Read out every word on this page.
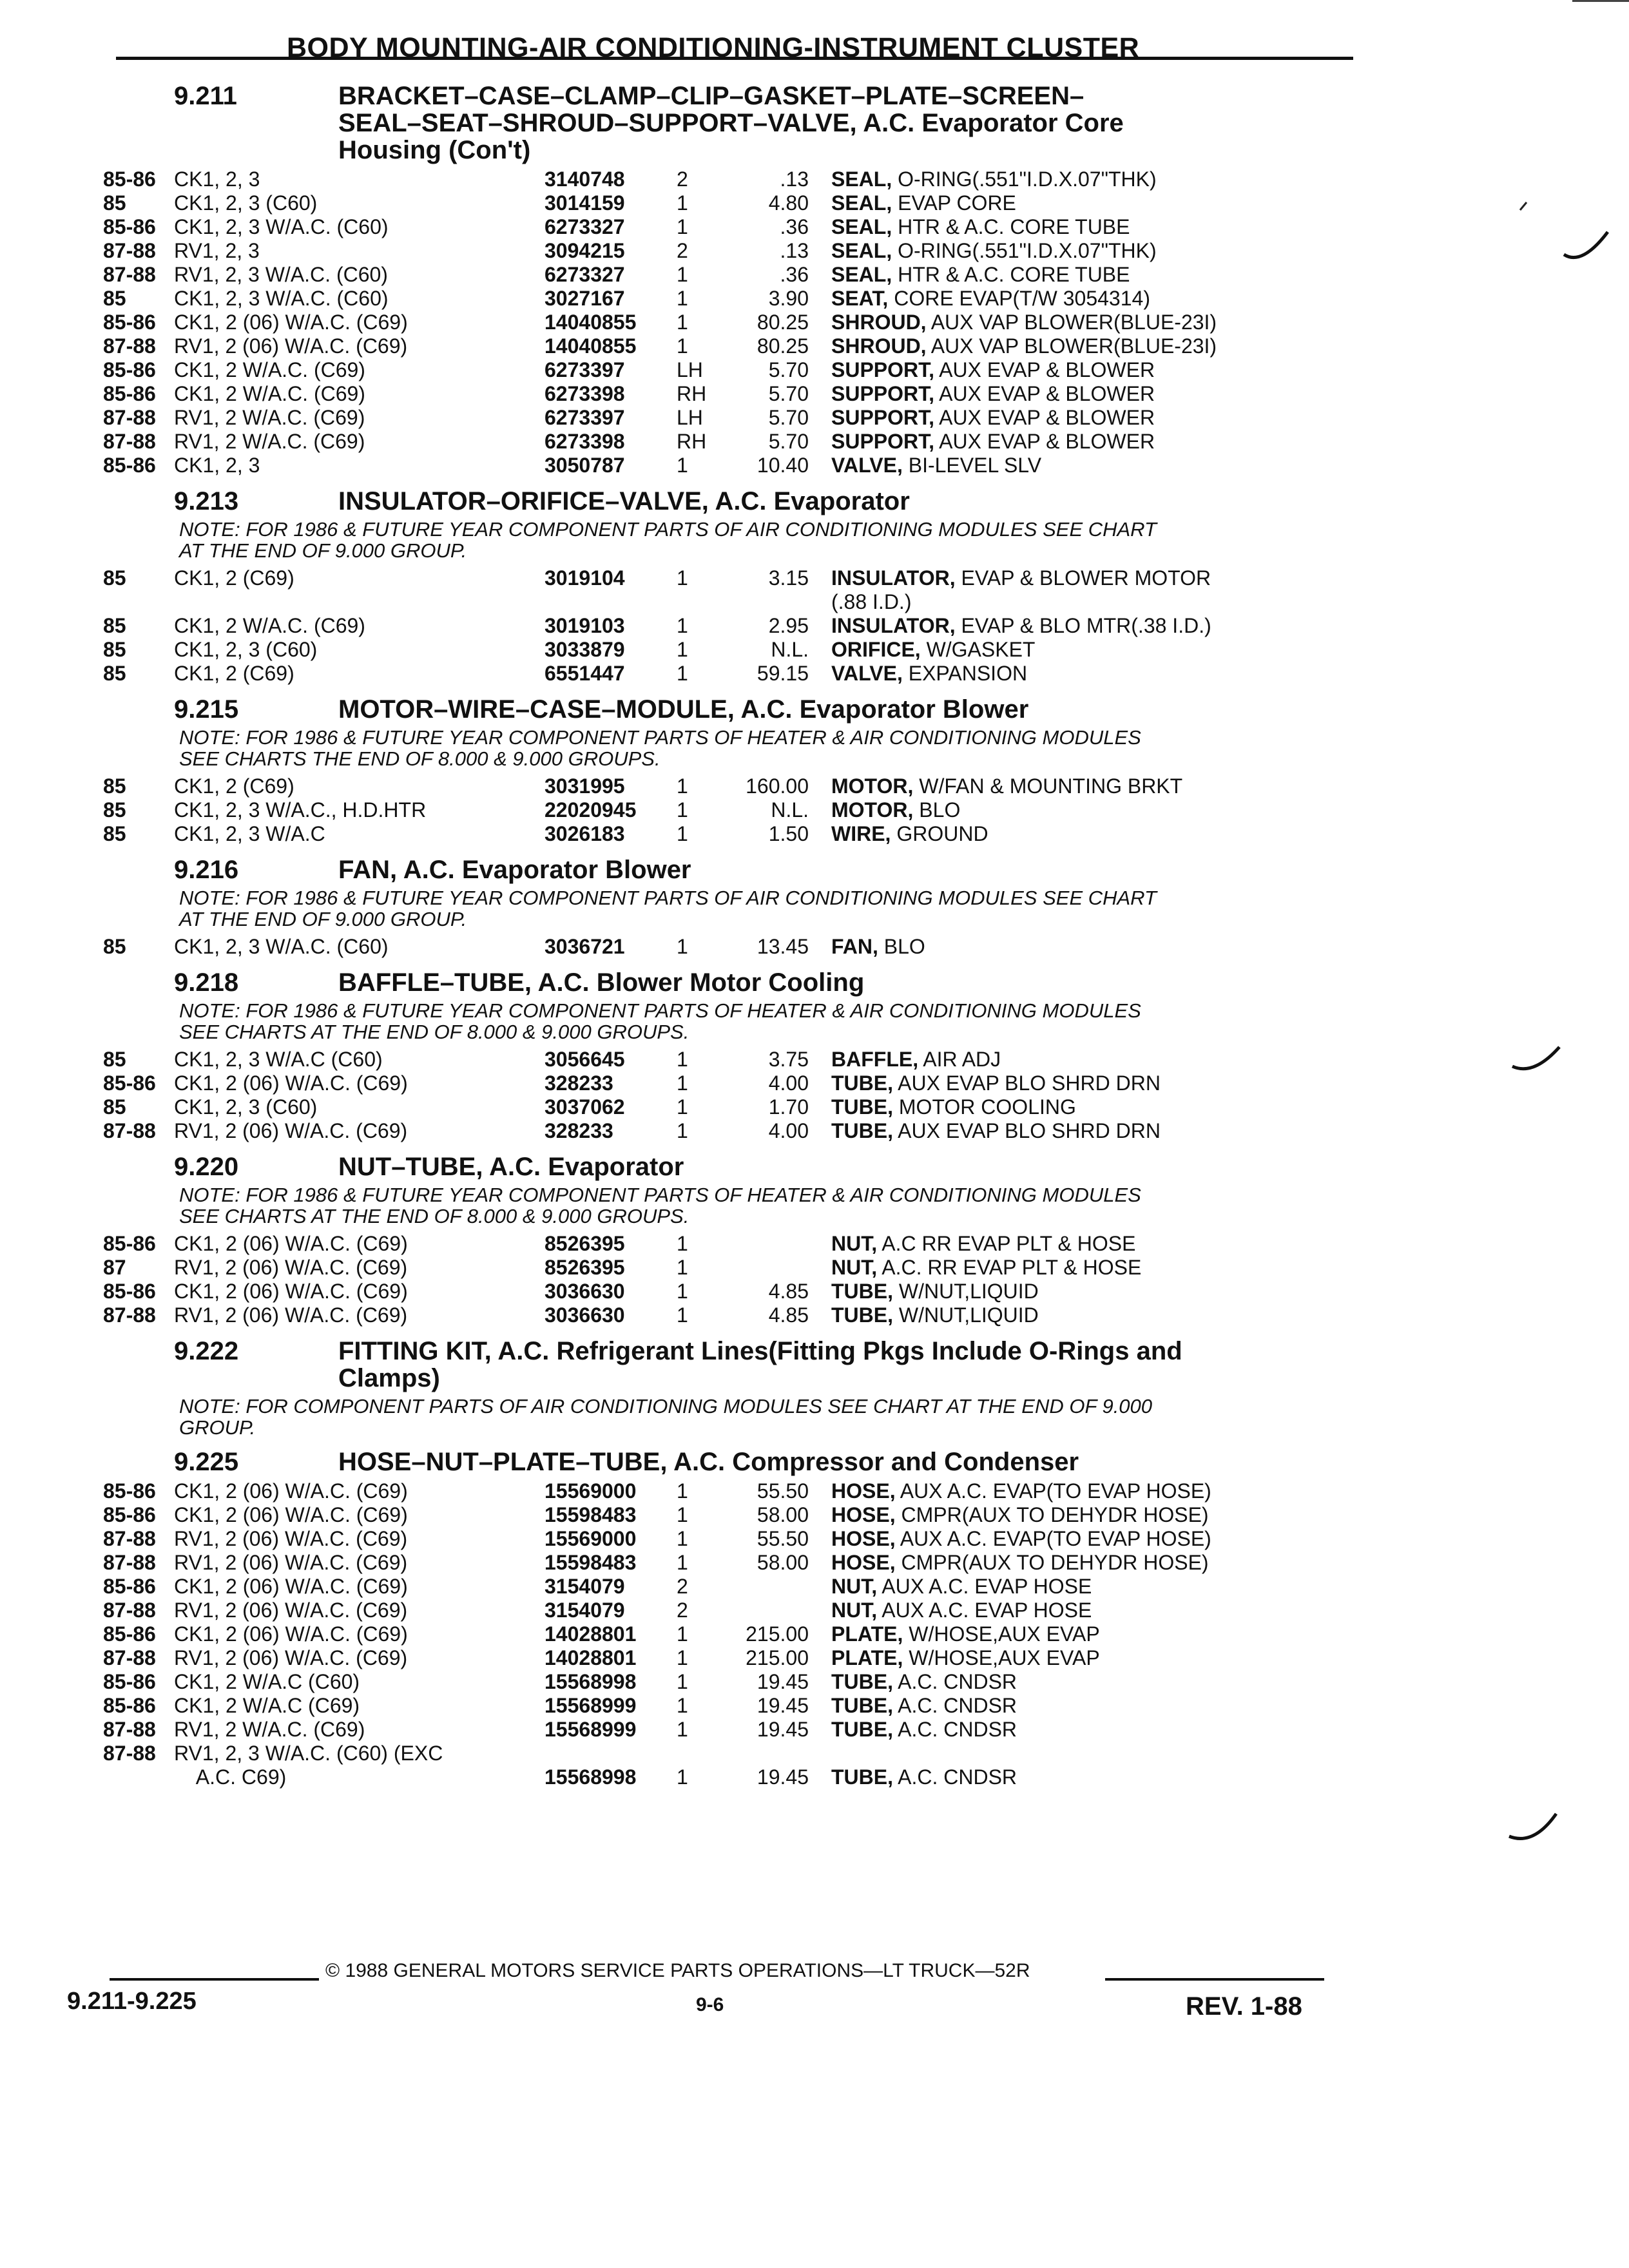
BODY MOUNTING-AIR CONDITIONING-INSTRUMENT CLUSTER
9.211	BRACKET–CASE–CLAMP–CLIP–GASKET–PLATE–SCREEN–
SEAL–SEAT–SHROUD–SUPPORT–VALVE, A.C. Evaporator Core
Housing (Con't)
85-86 CK1, 2, 3	3140748	2	.13	SEAL, O-RING(.551"I.D.X.07"THK)
85	CK1, 2, 3 (C60)	3014159	1	4.80	SEAL, EVAP CORE
85-86 CK1, 2, 3 W/A.C. (C60)	6273327	1	.36	SEAL, HTR & A.C. CORE TUBE
87-88 RV1, 2, 3	3094215	2	.13	SEAL, O-RING(.551"I.D.X.07"THK)
87-88 RV1, 2, 3 W/A.C. (C60)	6273327	1	.36	SEAL, HTR & A.C. CORE TUBE
85	CK1, 2, 3 W/A.C. (C60)	3027167	1	3.90	SEAT, CORE EVAP(T/W 3054314)
85-86 CK1, 2 (06) W/A.C. (C69)	14040855	1	80.25	SHROUD, AUX VAP BLOWER(BLUE-23I)
87-88 RV1, 2 (06) W/A.C. (C69)	14040855	1	80.25	SHROUD, AUX VAP BLOWER(BLUE-23I)
85-86 CK1, 2 W/A.C. (C69)	6273397	LH	5.70	SUPPORT, AUX EVAP & BLOWER
85-86 CK1, 2 W/A.C. (C69)	6273398	RH	5.70	SUPPORT, AUX EVAP & BLOWER
87-88 RV1, 2 W/A.C. (C69)	6273397	LH	5.70	SUPPORT, AUX EVAP & BLOWER
87-88 RV1, 2 W/A.C. (C69)	6273398	RH	5.70	SUPPORT, AUX EVAP & BLOWER
85-86 CK1, 2, 3	3050787	1	10.40	VALVE, BI-LEVEL SLV
9.213	INSULATOR–ORIFICE–VALVE, A.C. Evaporator
NOTE: FOR 1986 & FUTURE YEAR COMPONENT PARTS OF AIR CONDITIONING MODULES SEE CHART
AT THE END OF 9.000 GROUP.
85	CK1, 2 (C69)	3019104	1	3.15	INSULATOR, EVAP & BLOWER MOTOR
(.88 I.D.)
85	CK1, 2 W/A.C. (C69)	3019103	1	2.95	INSULATOR, EVAP & BLO MTR(.38 I.D.)
85	CK1, 2, 3 (C60)	3033879	1	N.L.	ORIFICE, W/GASKET
85	CK1, 2 (C69)	6551447	1	59.15	VALVE, EXPANSION
9.215	MOTOR–WIRE–CASE–MODULE, A.C. Evaporator Blower
NOTE: FOR 1986 & FUTURE YEAR COMPONENT PARTS OF HEATER & AIR CONDITIONING MODULES
SEE CHARTS THE END OF 8.000 & 9.000 GROUPS.
85	CK1, 2 (C69)	3031995	1	160.00	MOTOR, W/FAN & MOUNTING BRKT
85	CK1, 2, 3 W/A.C., H.D.HTR	22020945	1	N.L.	MOTOR, BLO
85	CK1, 2, 3 W/A.C	3026183	1	1.50	WIRE, GROUND
9.216	FAN, A.C. Evaporator Blower
NOTE: FOR 1986 & FUTURE YEAR COMPONENT PARTS OF AIR CONDITIONING MODULES SEE CHART
AT THE END OF 9.000 GROUP.
85	CK1, 2, 3 W/A.C. (C60)	3036721	1	13.45	FAN, BLO
9.218	BAFFLE–TUBE, A.C. Blower Motor Cooling
NOTE: FOR 1986 & FUTURE YEAR COMPONENT PARTS OF HEATER & AIR CONDITIONING MODULES
SEE CHARTS AT THE END OF 8.000 & 9.000 GROUPS.
85	CK1, 2, 3 W/A.C (C60)	3056645	1	3.75	BAFFLE, AIR ADJ
85-86 CK1, 2 (06) W/A.C. (C69)	328233	1	4.00	TUBE, AUX EVAP BLO SHRD DRN
85	CK1, 2, 3 (C60)	3037062	1	1.70	TUBE, MOTOR COOLING
87-88 RV1, 2 (06) W/A.C. (C69)	328233	1	4.00	TUBE, AUX EVAP BLO SHRD DRN
9.220	NUT–TUBE, A.C. Evaporator
NOTE: FOR 1986 & FUTURE YEAR COMPONENT PARTS OF HEATER & AIR CONDITIONING MODULES
SEE CHARTS AT THE END OF 8.000 & 9.000 GROUPS.
85-86 CK1, 2 (06) W/A.C. (C69)	8526395	1	NUT, A.C RR EVAP PLT & HOSE
87	RV1, 2 (06) W/A.C. (C69)	8526395	1	NUT, A.C. RR EVAP PLT & HOSE
85-86 CK1, 2 (06) W/A.C. (C69)	3036630	1	4.85	TUBE, W/NUT,LIQUID
87-88 RV1, 2 (06) W/A.C. (C69)	3036630	1	4.85	TUBE, W/NUT,LIQUID
9.222	FITTING KIT, A.C. Refrigerant Lines(Fitting Pkgs Include O-Rings and
Clamps)
NOTE: FOR COMPONENT PARTS OF AIR CONDITIONING MODULES SEE CHART AT THE END OF 9.000
GROUP.
9.225	HOSE–NUT–PLATE–TUBE, A.C. Compressor and Condenser
85-86 CK1, 2 (06) W/A.C. (C69)	15569000	1	55.50	HOSE, AUX A.C. EVAP(TO EVAP HOSE)
85-86 CK1, 2 (06) W/A.C. (C69)	15598483	1	58.00	HOSE, CMPR(AUX TO DEHYDR HOSE)
87-88 RV1, 2 (06) W/A.C. (C69)	15569000	1	55.50	HOSE, AUX A.C. EVAP(TO EVAP HOSE)
87-88 RV1, 2 (06) W/A.C. (C69)	15598483	1	58.00	HOSE, CMPR(AUX TO DEHYDR HOSE)
85-86 CK1, 2 (06) W/A.C. (C69)	3154079	2	NUT, AUX A.C. EVAP HOSE
87-88 RV1, 2 (06) W/A.C. (C69)	3154079	2	NUT, AUX A.C. EVAP HOSE
85-86 CK1, 2 (06) W/A.C. (C69)	14028801	1	215.00	PLATE, W/HOSE,AUX EVAP
87-88 RV1, 2 (06) W/A.C. (C69)	14028801	1	215.00	PLATE, W/HOSE,AUX EVAP
85-86 CK1, 2 W/A.C (C60)	15568998	1	19.45	TUBE, A.C. CNDSR
85-86 CK1, 2 W/A.C (C69)	15568999	1	19.45	TUBE, A.C. CNDSR
87-88 RV1, 2 W/A.C. (C69)	15568999	1	19.45	TUBE, A.C. CNDSR
87-88 RV1, 2, 3 W/A.C. (C60) (EXC
A.C. C69)	15568998	1	19.45	TUBE, A.C. CNDSR
© 1988 GENERAL MOTORS SERVICE PARTS OPERATIONS—LT TRUCK—52R
9.211-9.225	9-6	REV. 1-88
